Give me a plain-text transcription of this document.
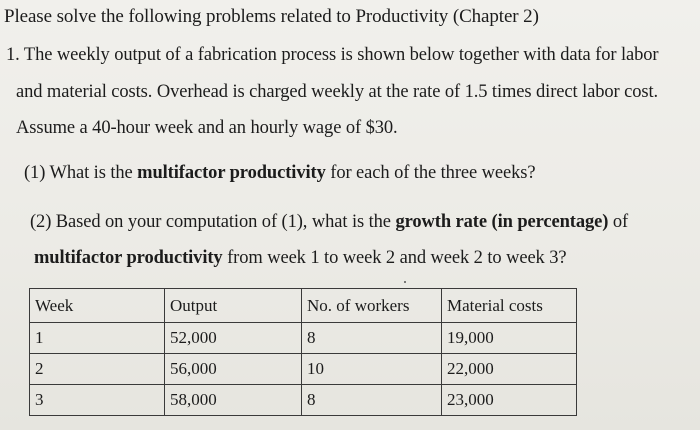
Please solve the following problems related to Productivity (Chapter 2)
1. The weekly output of a fabrication process is shown below together with data for labor
and material costs. Overhead is charged weekly at the rate of 1.5 times direct labor cost.
Assume a 40-hour week and an hourly wage of $30.
(1) What is the multifactor productivity for each of the three weeks?
(2) Based on your computation of (1), what is the growth rate (in percentage) of
multifactor productivity from week 1 to week 2 and week 2 to week 3?
Week	Output	No. of workers	Material costs
1	52,000	8	19,000
2	56,000	10	22,000
3	58,000	8	23,000
